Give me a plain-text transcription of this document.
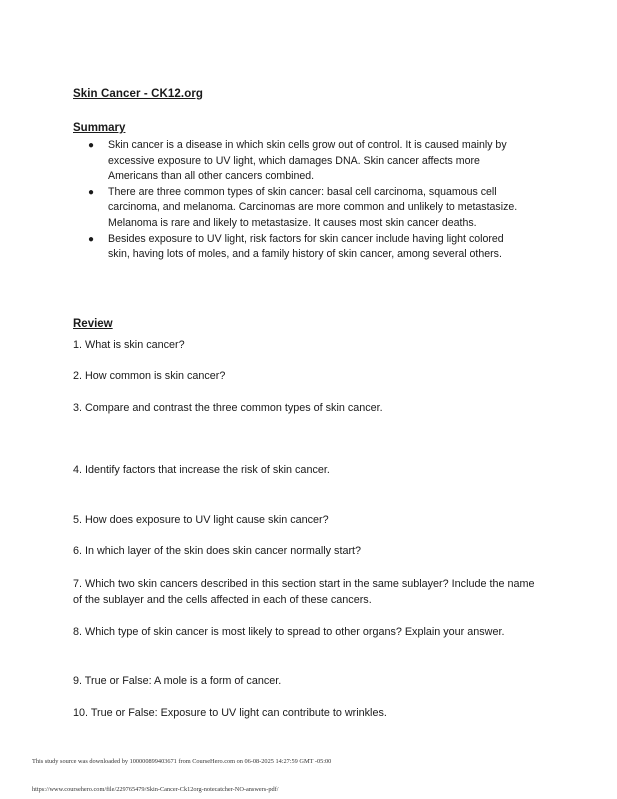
Skin Cancer - CK12.org
Summary
● Skin cancer is a disease in which skin cells grow out of control. It is caused mainly by excessive exposure to UV light, which damages DNA. Skin cancer affects more Americans than all other cancers combined.
● There are three common types of skin cancer: basal cell carcinoma, squamous cell carcinoma, and melanoma. Carcinomas are more common and unlikely to metastasize. Melanoma is rare and likely to metastasize. It causes most skin cancer deaths.
● Besides exposure to UV light, risk factors for skin cancer include having light colored skin, having lots of moles, and a family history of skin cancer, among several others.
Review
1. What is skin cancer?
2. How common is skin cancer?
3. Compare and contrast the three common types of skin cancer.
4. Identify factors that increase the risk of skin cancer.
5. How does exposure to UV light cause skin cancer?
6. In which layer of the skin does skin cancer normally start?
7. Which two skin cancers described in this section start in the same sublayer? Include the name of the sublayer and the cells affected in each of these cancers.
8. Which type of skin cancer is most likely to spread to other organs? Explain your answer.
9. True or False: A mole is a form of cancer.
10. True or False: Exposure to UV light can contribute to wrinkles.
This study source was downloaded by 100000899403671 from CourseHero.com on 06-08-2025 14:27:59 GMT -05:00
https://www.coursehero.com/file/229765479/Skin-Cancer-Ck12org-notecatcher-NO-answers-pdf/
